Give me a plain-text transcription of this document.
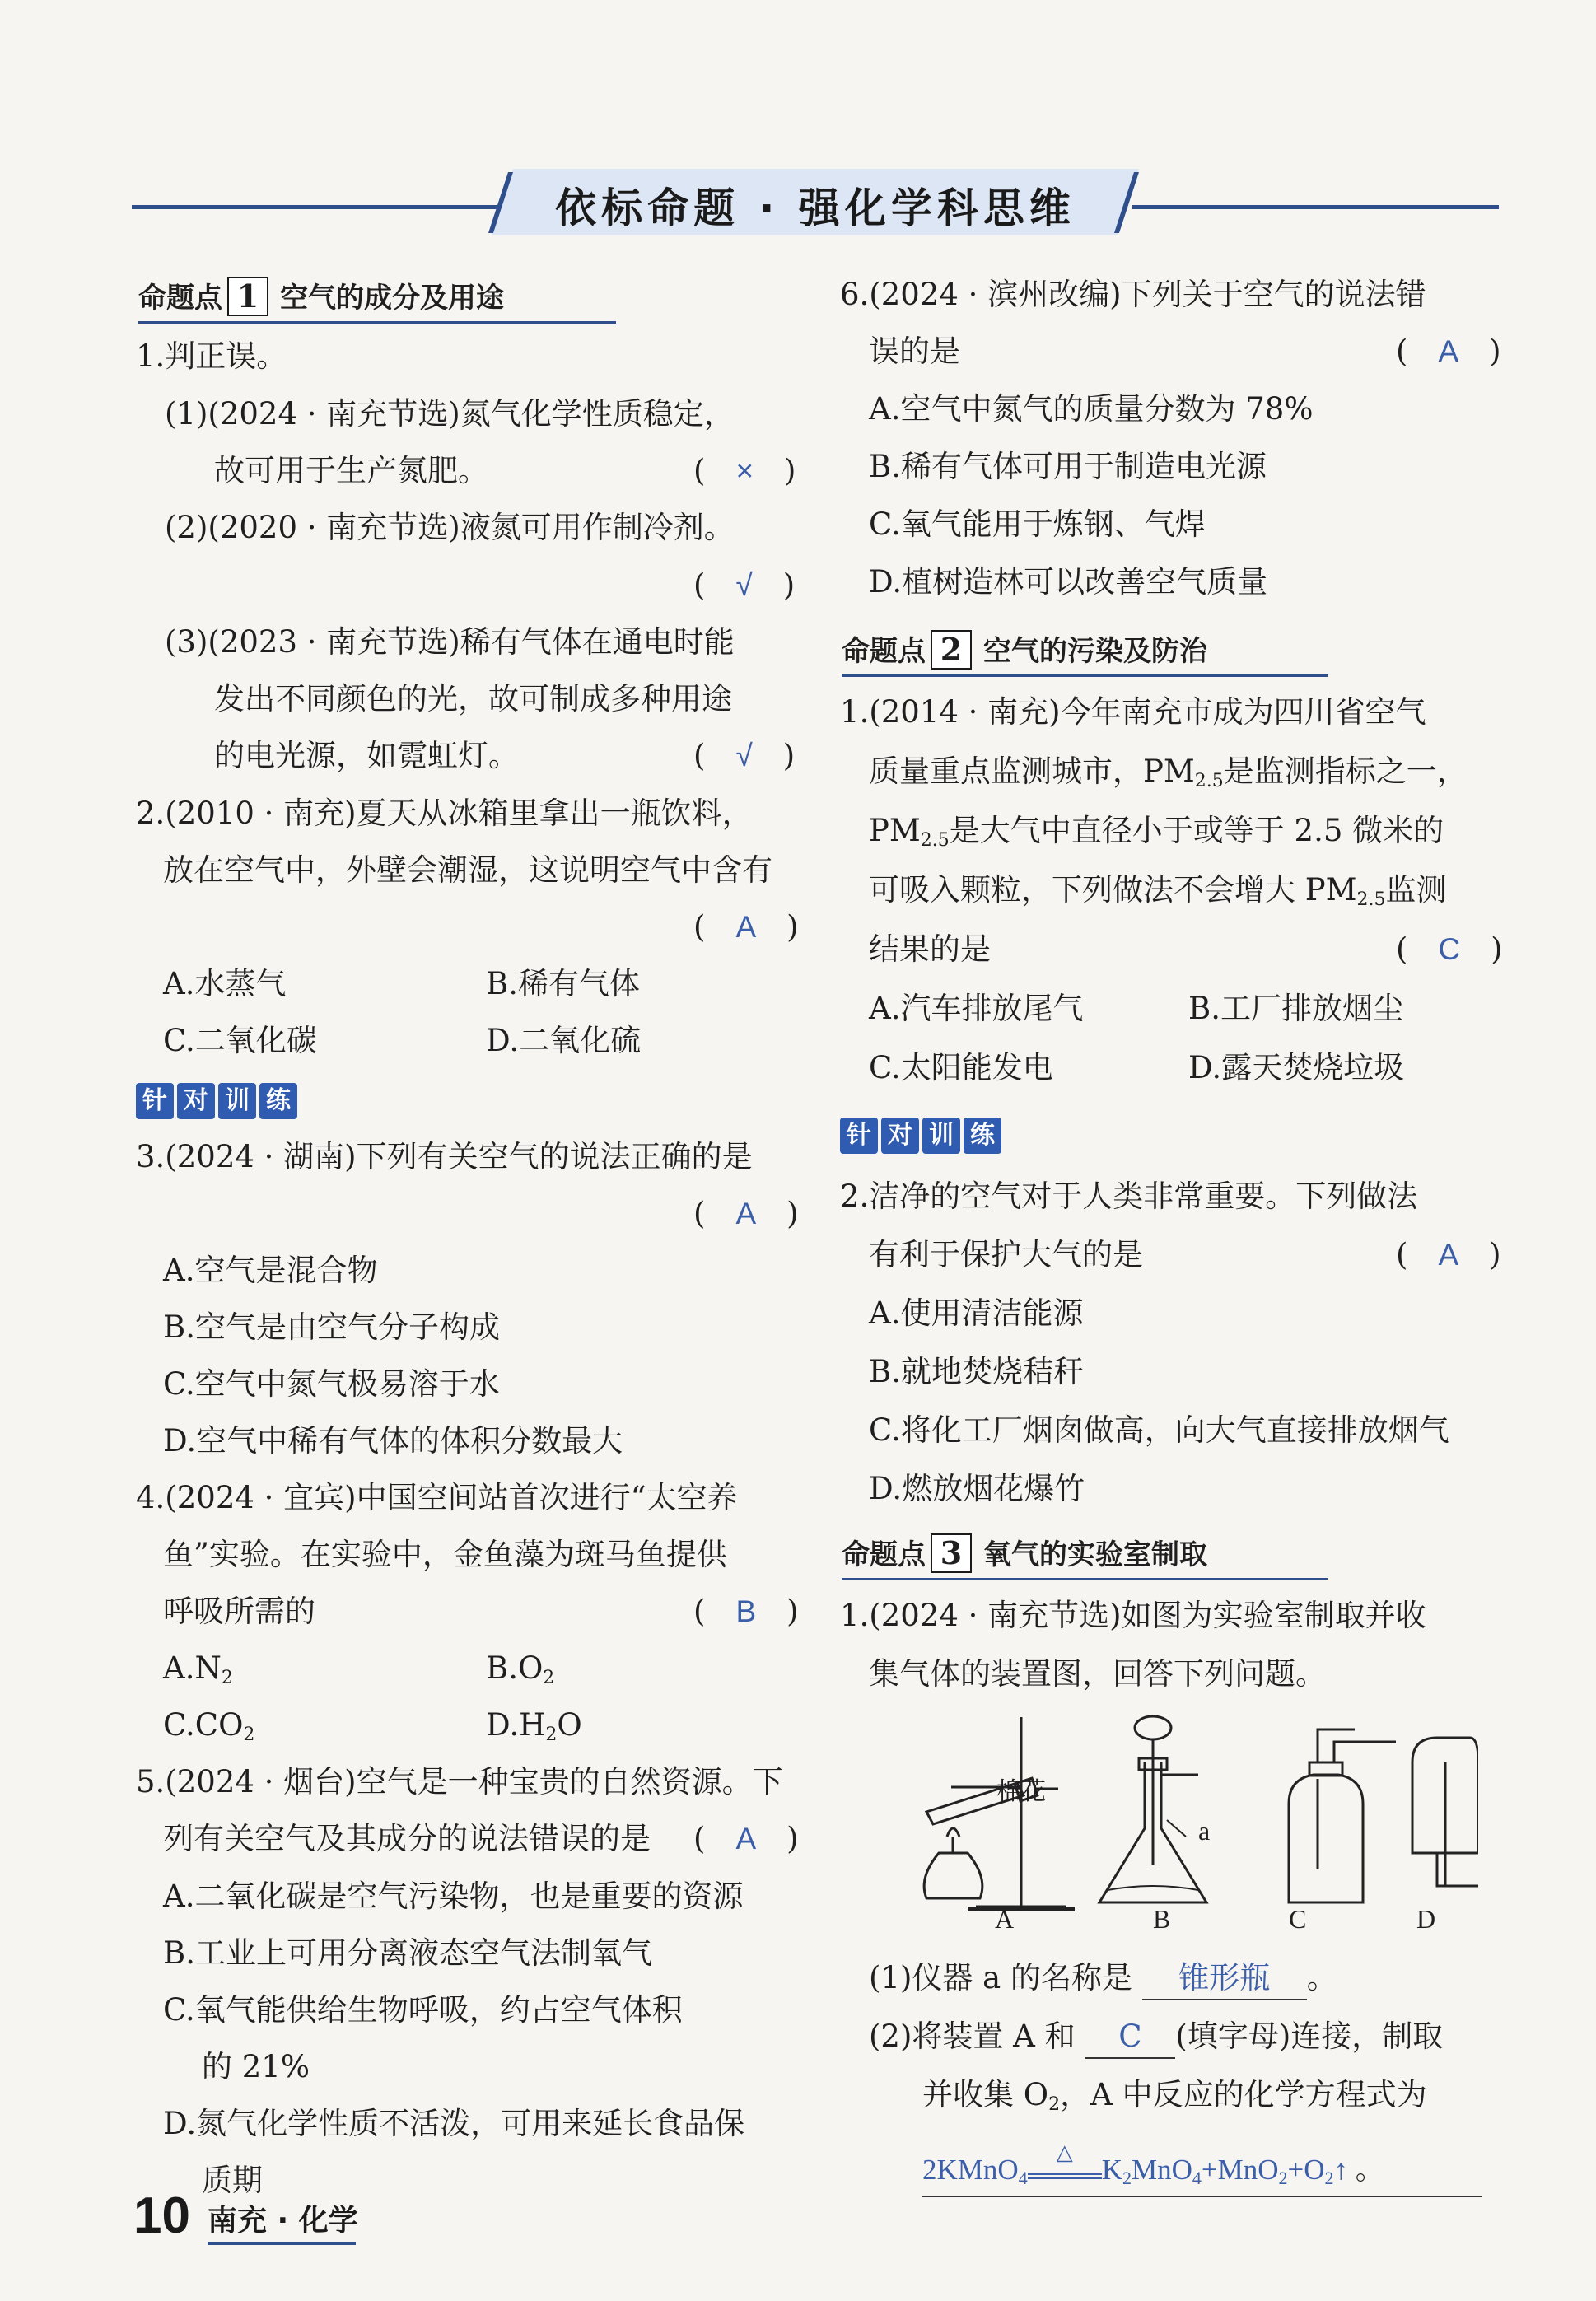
依标命题 · 强化学科思维
命题点 1 空气的成分及用途
1.判正误。
(1)(2024 · 南充节选)氮气化学性质稳定，
故可用于生产氮肥。	(　×　)
(2)(2020 · 南充节选)液氮可用作制冷剂。
(　√　)
(3)(2023 · 南充节选)稀有气体在通电时能
发出不同颜色的光，故可制成多种用途
的电光源，如霓虹灯。	(　√　)
2.(2010 · 南充)夏天从冰箱里拿出一瓶饮料，
放在空气中，外壁会潮湿，这说明空气中含有
(　A　)
A.水蒸气	B.稀有气体
C.二氧化碳	D.二氧化硫
针 对 训 练
3.(2024 · 湖南)下列有关空气的说法正确的是
(　A　)
A.空气是混合物
B.空气是由空气分子构成
C.空气中氮气极易溶于水
D.空气中稀有气体的体积分数最大
4.(2024 · 宜宾)中国空间站首次进行“太空养
鱼”实验。在实验中，金鱼藻为斑马鱼提供
呼吸所需的	(　B　)
$A.N_2$	$B.O_2$
$C.CO_2$	$D.H_2O$
5.(2024 · 烟台)空气是一种宝贵的自然资源。下
列有关空气及其成分的说法错误的是 (　A　)
A.二氧化碳是空气污染物，也是重要的资源
B.工业上可用分离液态空气法制氧气
C.氧气能供给生物呼吸，约占空气体积
的 21%
D.氮气化学性质不活泼，可用来延长食品保
质期
6.(2024 · 滨州改编)下列关于空气的说法错
误的是	(　A　)
A.空气中氮气的质量分数为 78%
B.稀有气体可用于制造电光源
C.氧气能用于炼钢、气焊
D.植树造林可以改善空气质量
命题点 2 空气的污染及防治
1.(2014 · 南充)今年南充市成为四川省空气
质量重点监测城市，$PM_{2.5}$是监测指标之一，
$PM_{2.5}$是大气中直径小于或等于 2.5 微米的
可吸入颗粒，下列做法不会增大 $PM_{2.5}$监测
结果的是	(　C　)
A.汽车排放尾气	B.工厂排放烟尘
C.太阳能发电	D.露天焚烧垃圾
针 对 训 练
2.洁净的空气对于人类非常重要。下列做法
有利于保护大气的是	(　A　)
A.使用清洁能源
B.就地焚烧秸秆
C.将化工厂烟囱做高，向大气直接排放烟气
D.燃放烟花爆竹
命题点 3 氧气的实验室制取
1.(2024 · 南充节选)如图为实验室制取并收
集气体的装置图，回答下列问题。
棉花
a
A	B	C	D
(1)仪器 a 的名称是 锥形瓶 。
(2)将装置 A 和 C (填字母)连接，制取
并收集 $O_2$，A 中反应的化学方程式为
2KMnO$_4$
△
$K_2MnO_4+MnO_2+O_2↑$ 。
10 南充 · 化学
